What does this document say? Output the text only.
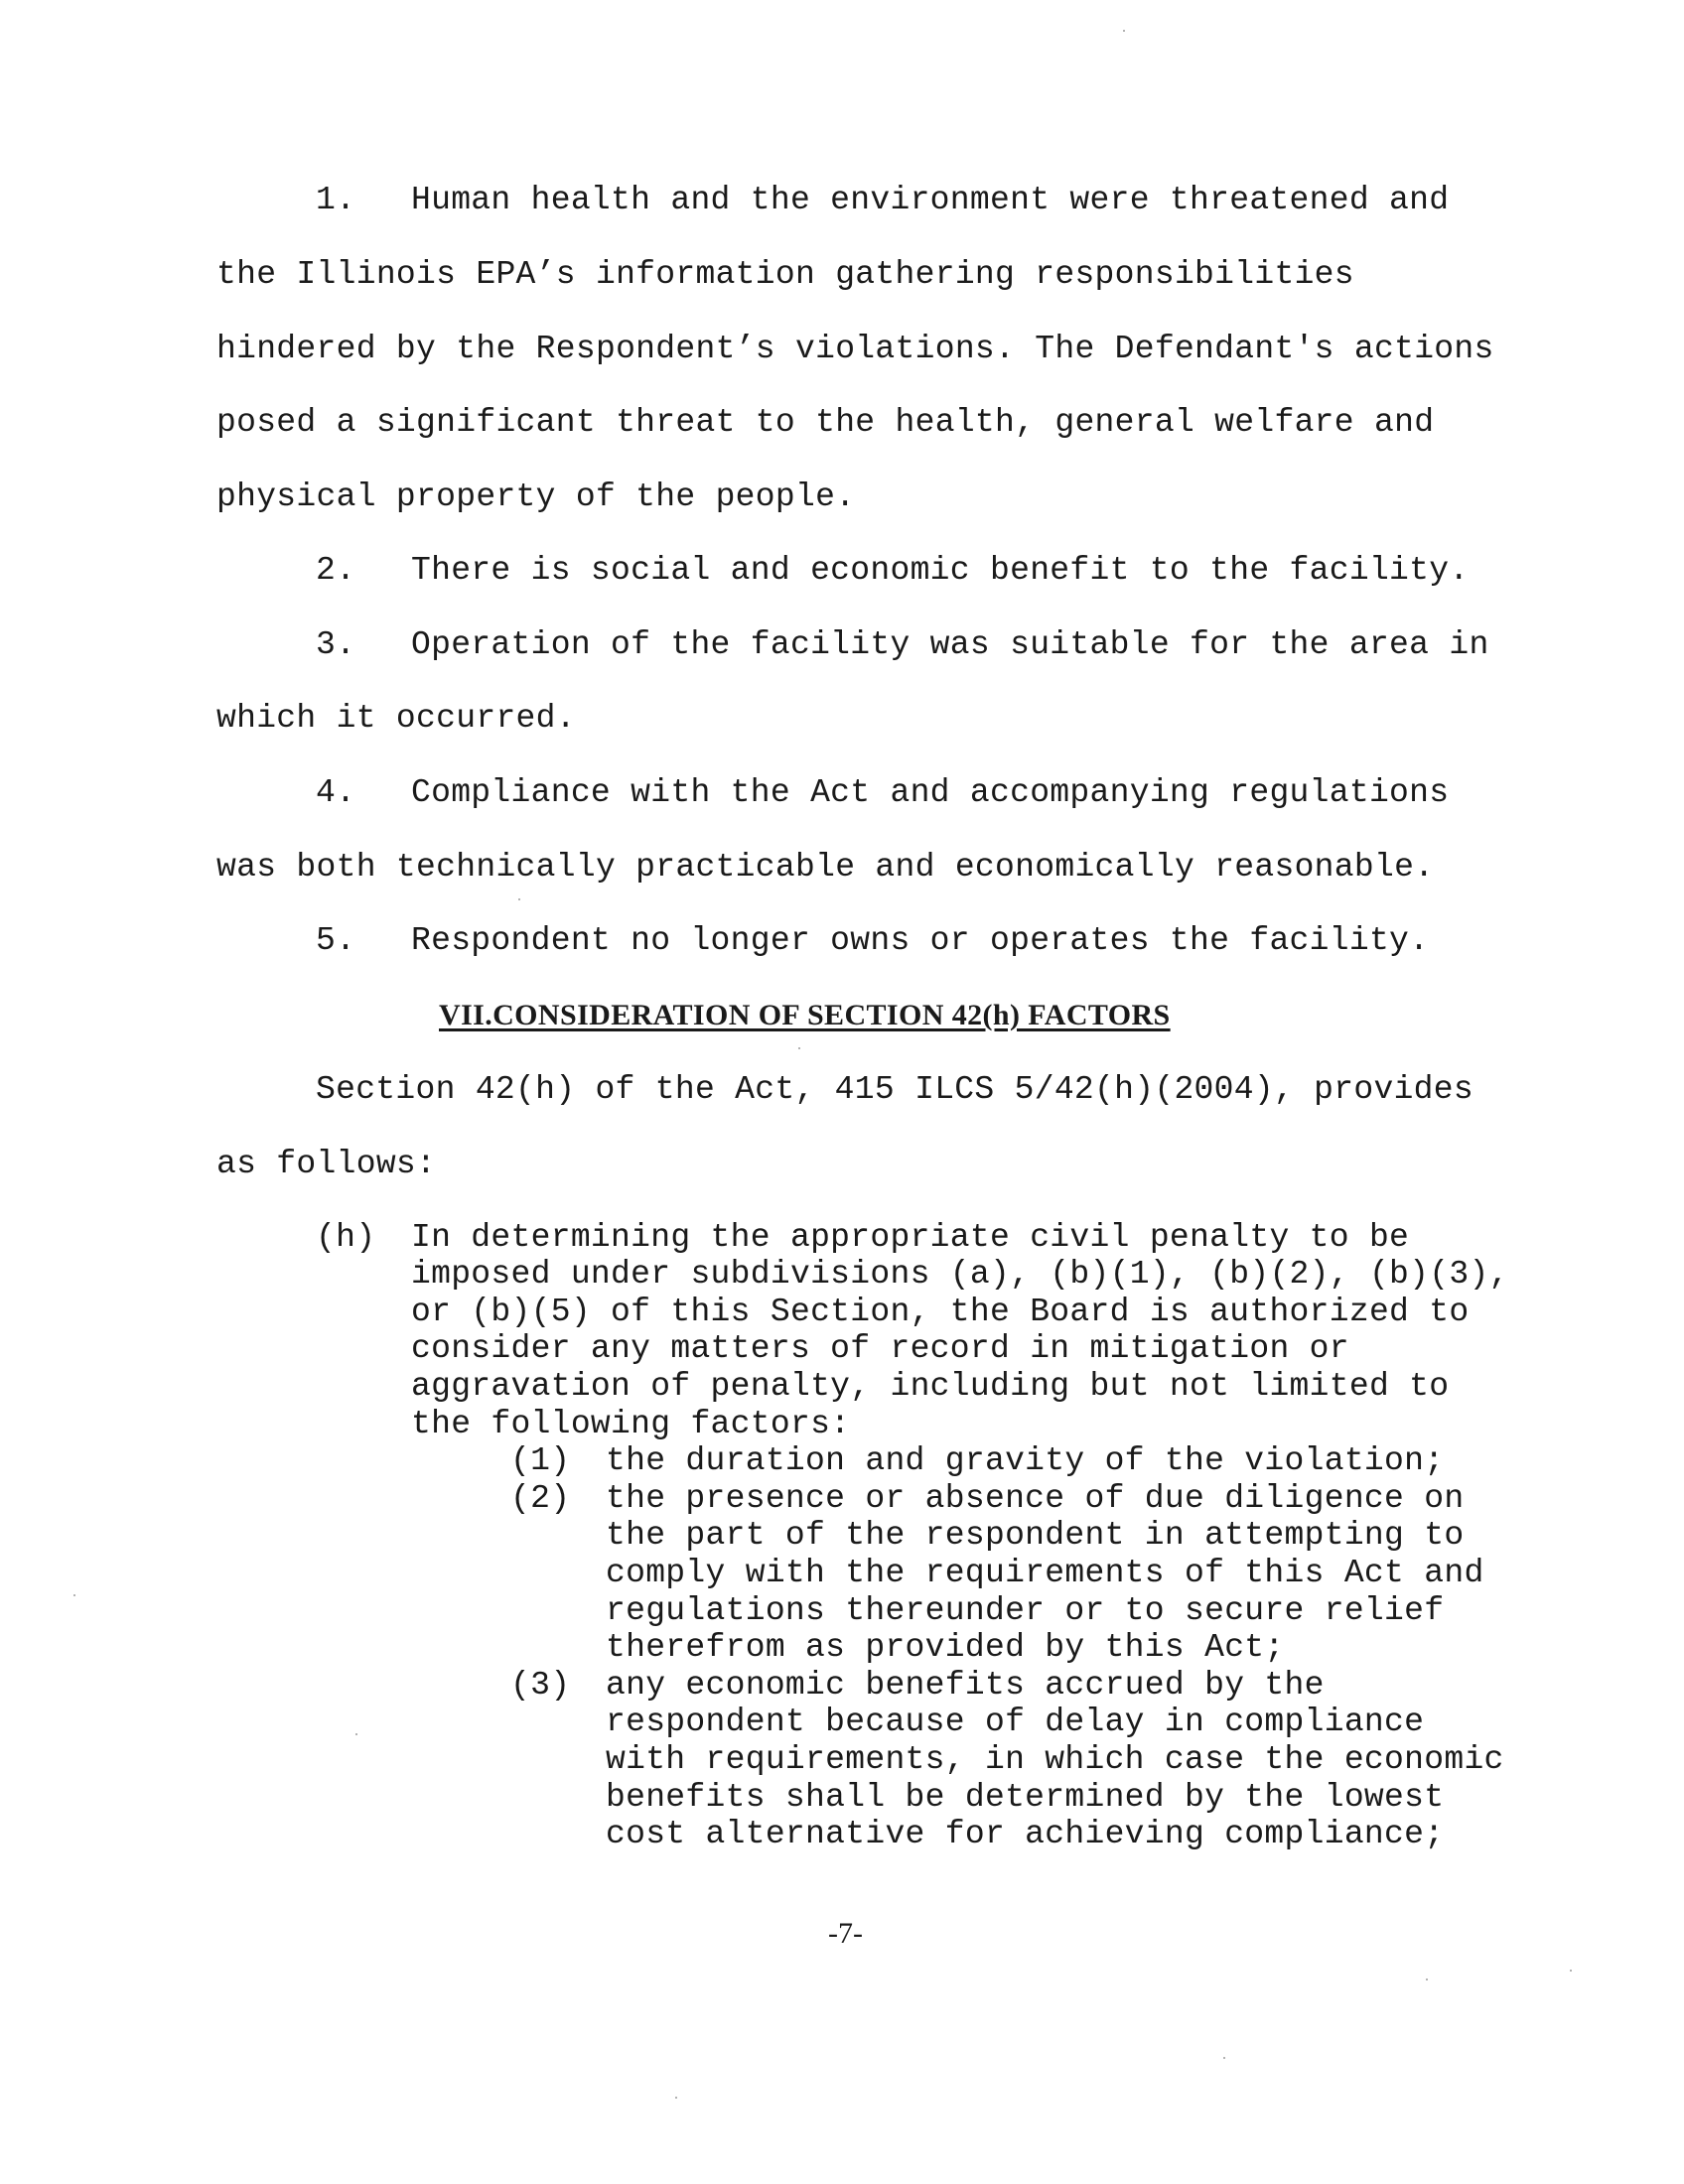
1. Human health and the environment were threatened and
the Illinois EPA’s information gathering responsibilities
hindered by the Respondent’s violations. The Defendant's actions
posed a significant threat to the health, general welfare and
physical property of the people.
2. There is social and economic benefit to the facility.
3. Operation of the facility was suitable for the area in
which it occurred.
4. Compliance with the Act and accompanying regulations
was both technically practicable and economically reasonable.
5. Respondent no longer owns or operates the facility.
VII.CONSIDERATION OF SECTION 42(h) FACTORS
Section 42(h) of the Act, 415 ILCS 5/42(h)(2004), provides
as follows:
(h) In determining the appropriate civil penalty to be
imposed under subdivisions (a), (b)(1), (b)(2), (b)(3),
or (b)(5) of this Section, the Board is authorized to
consider any matters of record in mitigation or
aggravation of penalty, including but not limited to
the following factors:
(1) the duration and gravity of the violation;
(2) the presence or absence of due diligence on
the part of the respondent in attempting to
comply with the requirements of this Act and
regulations thereunder or to secure relief
therefrom as provided by this Act;
(3) any economic benefits accrued by the
respondent because of delay in compliance
with requirements, in which case the economic
benefits shall be determined by the lowest
cost alternative for achieving compliance;
-7-
